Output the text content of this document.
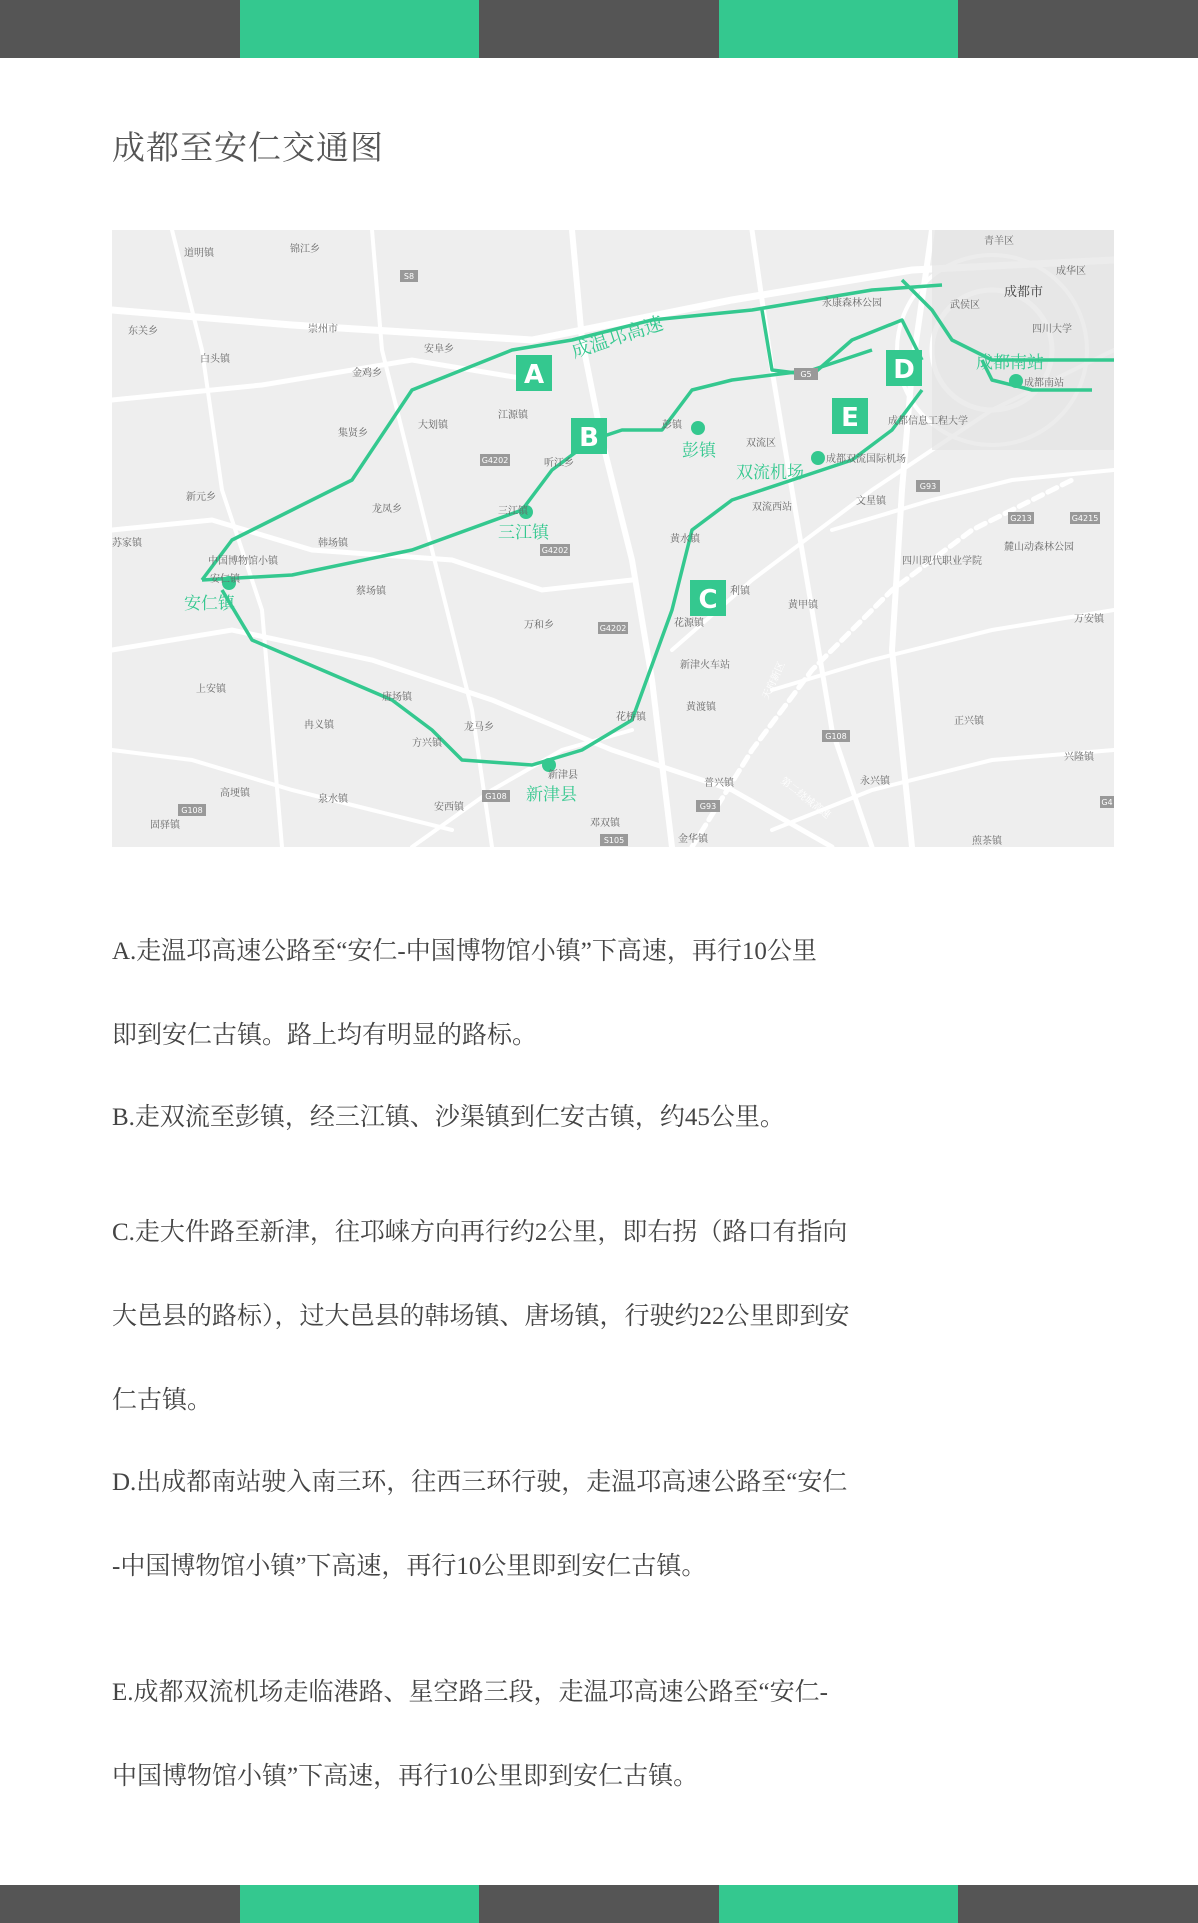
成都至安仁交通图
A
B
C
D
E
成温邛高速
安仁镇
三江镇
彭镇
双流机场
新津县
成都南站
道明镇	锦江乡
东关乡
白头镇
崇州市
安阜乡
金鸡乡
集贤乡
大划镇
江源镇
听江乡
永康森林公园	武侯区
成都市
青羊区
成华区
四川大学
成都南站
新元乡
苏家镇
中国博物馆小镇
安仁镇
龙凤乡	三江镇
双流区
彭镇	成都信息工程大学
成都双流国际机场
文星镇
双流西站
黄水镇
四川现代职业学院
麓山动森林公园
韩场镇
蔡场镇
万和乡
利镇
黄甲镇
花源镇
新津火车站
万安镇
上安镇
冉义镇
唐场镇
龙马乡
方兴镇
花桥镇
黄渡镇
正兴镇
兴隆镇
高埂镇
泉水镇
安西镇
新津县
普兴镇	永兴镇
固驿镇	邓双镇
金华镇	煎茶镇
天府新区
第二绕城高速
S8
G4202
G4202
G4202
G5
G93
G93
G213	G4215
G108
G108
G108
S105
G4

A.走温邛高速公路至“安仁-中国博物馆小镇”下高速，再行10公里
即到安仁古镇。路上均有明显的路标。

B.走双流至彭镇，经三江镇、沙渠镇到仁安古镇，约45公里。

C.走大件路至新津，往邛崃方向再行约2公里，即右拐（路口有指向
大邑县的路标），过大邑县的韩场镇、唐场镇，行驶约22公里即到安
仁古镇。

D.出成都南站驶入南三环，往西三环行驶，走温邛高速公路至“安仁
-中国博物馆小镇”下高速，再行10公里即到安仁古镇。

E.成都双流机场走临港路、星空路三段，走温邛高速公路至“安仁-
中国博物馆小镇”下高速，再行10公里即到安仁古镇。
